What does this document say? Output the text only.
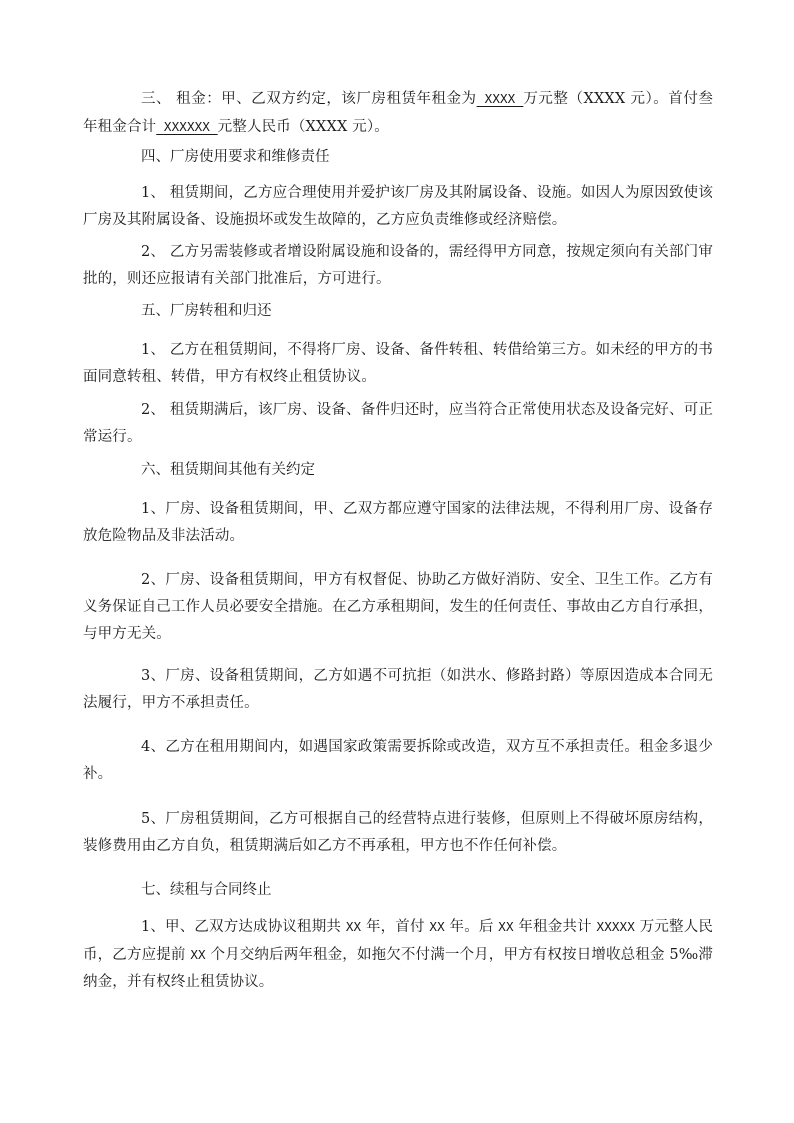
三、 租金：甲、乙双方约定，该厂房租赁年租金为 XXXX 万元整（XXXX 元）。首付叁年租金合计 XXXXXX 元整人民币（XXXX 元）。

四、厂房使用要求和维修责任

1、 租赁期间，乙方应合理使用并爱护该厂房及其附属设备、设施。如因人为原因致使该厂房及其附属设备、设施损坏或发生故障的，乙方应负责维修或经济赔偿。

2、 乙方另需装修或者增设附属设施和设备的，需经得甲方同意，按规定须向有关部门审批的，则还应报请有关部门批准后，方可进行。

五、厂房转租和归还

1、 乙方在租赁期间，不得将厂房、设备、备件转租、转借给第三方。如未经的甲方的书面同意转租、转借，甲方有权终止租赁协议。

2、 租赁期满后，该厂房、设备、备件归还时，应当符合正常使用状态及设备完好、可正常运行。

六、租赁期间其他有关约定

1、厂房、设备租赁期间，甲、乙双方都应遵守国家的法律法规，不得利用厂房、设备存放危险物品及非法活动。

2、厂房、设备租赁期间，甲方有权督促、协助乙方做好消防、安全、卫生工作。乙方有义务保证自己工作人员必要安全措施。在乙方承租期间，发生的任何责任、事故由乙方自行承担，与甲方无关。

3、厂房、设备租赁期间，乙方如遇不可抗拒（如洪水、修路封路）等原因造成本合同无法履行，甲方不承担责任。

4、乙方在租用期间内，如遇国家政策需要拆除或改造，双方互不承担责任。租金多退少补。

5、厂房租赁期间，乙方可根据自己的经营特点进行装修，但原则上不得破坏原房结构，装修费用由乙方自负，租赁期满后如乙方不再承租，甲方也不作任何补偿。

七、续租与合同终止

1、甲、乙双方达成协议租期共 XX 年，首付 XX 年。后 XX 年租金共计 XXXXX 万元整人民币，乙方应提前 XX 个月交纳后两年租金，如拖欠不付满一个月，甲方有权按日增收总租金 5‰滞纳金，并有权终止租赁协议。
